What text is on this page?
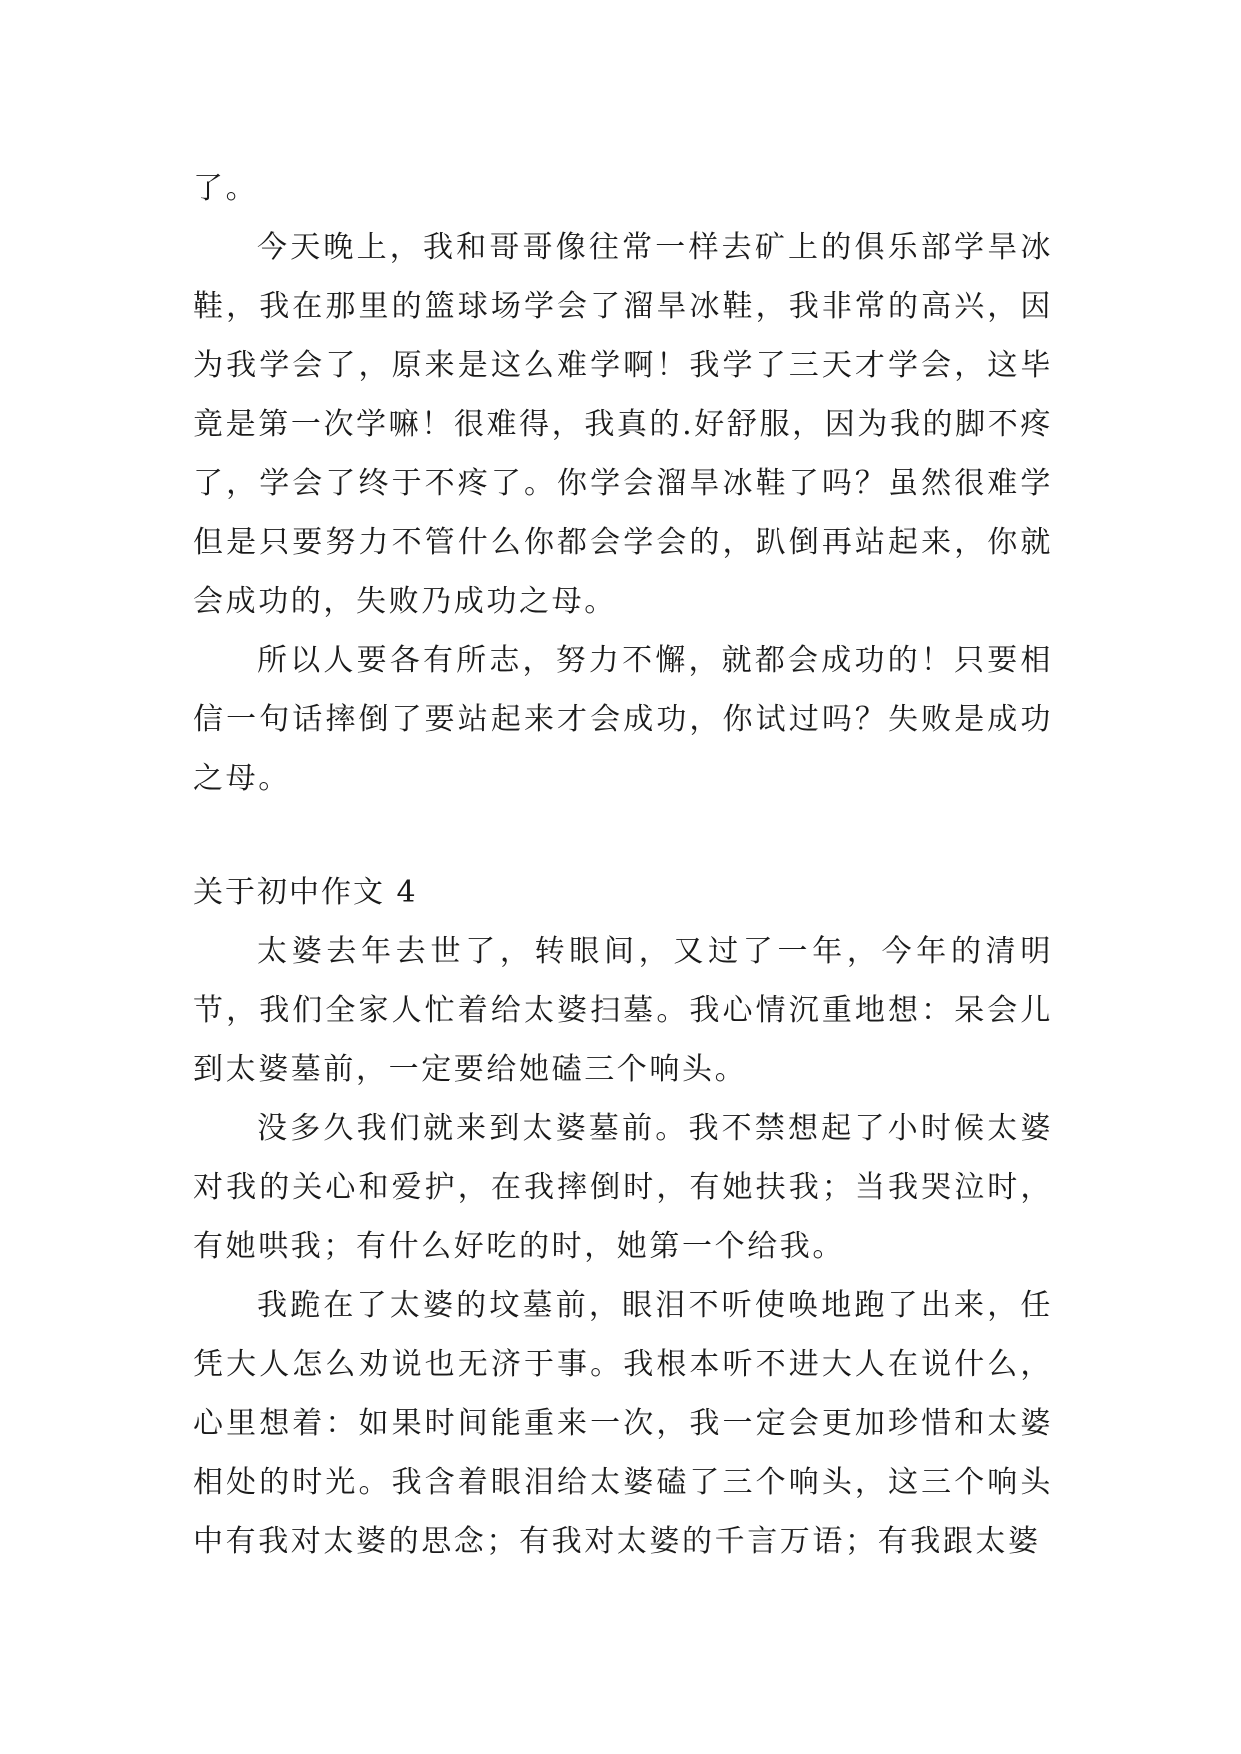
了。

今天晚上，我和哥哥像往常一样去矿上的俱乐部学旱冰鞋，我在那里的篮球场学会了溜旱冰鞋，我非常的高兴，因为我学会了，原来是这么难学啊！我学了三天才学会，这毕竟是第一次学嘛！很难得，我真的.好舒服，因为我的脚不疼了，学会了终于不疼了。你学会溜旱冰鞋了吗？虽然很难学但是只要努力不管什么你都会学会的，趴倒再站起来，你就会成功的，失败乃成功之母。

所以人要各有所志，努力不懈，就都会成功的！只要相信一句话摔倒了要站起来才会成功，你试过吗？失败是成功之母。

关于初中作文 4

太婆去年去世了，转眼间，又过了一年，今年的清明节，我们全家人忙着给太婆扫墓。我心情沉重地想：呆会儿到太婆墓前，一定要给她磕三个响头。

没多久我们就来到太婆墓前。我不禁想起了小时候太婆对我的关心和爱护，在我摔倒时，有她扶我；当我哭泣时，有她哄我；有什么好吃的时，她第一个给我。

我跪在了太婆的坟墓前，眼泪不听使唤地跑了出来，任凭大人怎么劝说也无济于事。我根本听不进大人在说什么，心里想着：如果时间能重来一次，我一定会更加珍惜和太婆相处的时光。我含着眼泪给太婆磕了三个响头，这三个响头中有我对太婆的思念；有我对太婆的千言万语；有我跟太婆
